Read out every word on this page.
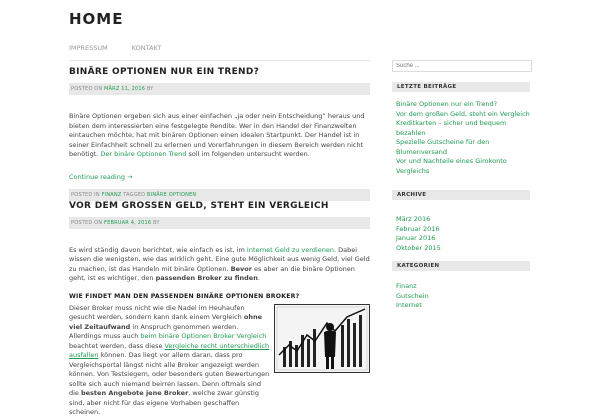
HOME
IMPRESSUM	KONTAKT
BINÄRE OPTIONEN NUR EIN TREND?
POSTED ON MÄRZ 11, 2016 BY

Binäre Optionen ergeben sich aus einer einfachen „ja oder nein Entscheidung“ heraus und bieten dem interessierten eine festgelegte Rendite. Wer in den Handel der Finanzwelten eintauchen möchte, hat mit binären Optionen einen idealen Startpunkt. Der Handel ist in seiner Einfachheit schnell zu erlernen und Vorerfahrungen in diesem Bereich werden nicht benötigt. Der binäre Optionen Trend soll im folgenden untersucht werden.

Continue reading →
POSTED IN FINANZ TAGGED BINÄRE OPTIONEN
VOR DEM GROSSEN GELD, STEHT EIN VERGLEICH
POSTED ON FEBRUAR 4, 2016 BY

Es wird ständig davon berichtet, wie einfach es ist, im Internet Geld zu verdienen. Dabei wissen die wenigsten, wie das wirklich geht. Eine gute Möglichkeit aus wenig Geld, viel Geld zu machen, ist das Handeln mit binäre Optionen. Bevor es aber an die binäre Optionen geht, ist es wichtiger, den passenden Broker zu finden.

WIE FINDET MAN DEN PASSENDEN BINÄRE OPTIONEN BROKER?

Dieser Broker muss nicht wie die Nadel im Heuhaufen gesucht werden, sondern kann dank einem Vergleich ohne viel Zeitaufwand in Anspruch genommen werden. Allerdings muss auch beim binäre Optionen Broker Vergleich beachtet werden, dass diese Vergleiche recht unterschiedlich ausfallen können. Das liegt vor allem daran, dass pro Vergleichsportal längst nicht alle Broker angezeigt werden können. Von Testsiegern, oder besonders guten Bewertungen sollte sich auch niemand beirren lassen. Denn oftmals sind die besten Angebote jene Broker, welche zwar günstig sind, aber nicht für das eigene Vorhaben geschaffen scheinen.

Suche ...
LETZTE BEITRÄGE
Binäre Optionen nur ein Trend?
Vor dem großen Geld, steht ein Vergleich
Kreditkarten – sicher und bequem bezahlen
Spezielle Gutscheine für den Blumenversand
Vor und Nachteile eines Girokonto Vergleichs
ARCHIVE
März 2016
Februar 2016
Januar 2016
Oktober 2015
KATEGORIEN
Finanz
Gutschein
Internet
